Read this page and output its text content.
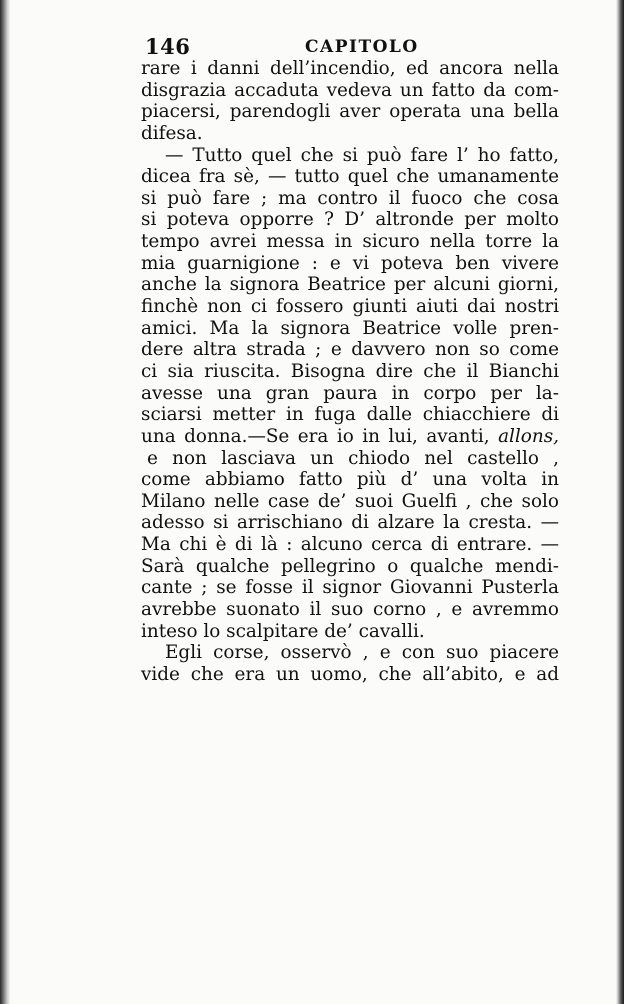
146	CAPITOLO
rare i danni dell’incendio, ed ancora nella
disgrazia accaduta vedeva un fatto da com-
piacersi, parendogli aver operata una bella
difesa.
— Tutto quel che si può fare l’ ho fatto,
dicea fra sè, — tutto quel che umanamente
si può fare ; ma contro il fuoco che cosa
si poteva opporre ? D’ altronde per molto
tempo avrei messa in sicuro nella torre la
mia guarnigione : e vi poteva ben vivere
anche la signora Beatrice per alcuni giorni,
finchè non ci fossero giunti aiuti dai nostri
amici. Ma la signora Beatrice volle pren-
dere altra strada ; e davvero non so come
ci sia riuscita. Bisogna dire che il Bianchi
avesse una gran paura in corpo per la-
sciarsi metter in fuga dalle chiacchiere di
una donna.—Se era io in lui, avanti, allons,
e non lasciava un chiodo nel castello ,
come abbiamo fatto più d’ una volta in
Milano nelle case de’ suoi Guelfi , che solo
adesso si arrischiano di alzare la cresta. —
Ma chi è di là : alcuno cerca di entrare. —
Sarà qualche pellegrino o qualche mendi-
cante ; se fosse il signor Giovanni Pusterla
avrebbe suonato il suo corno , e avremmo
inteso lo scalpitare de’ cavalli.
Egli corse, osservò , e con suo piacere
vide che era un uomo, che all’abito, e ad
